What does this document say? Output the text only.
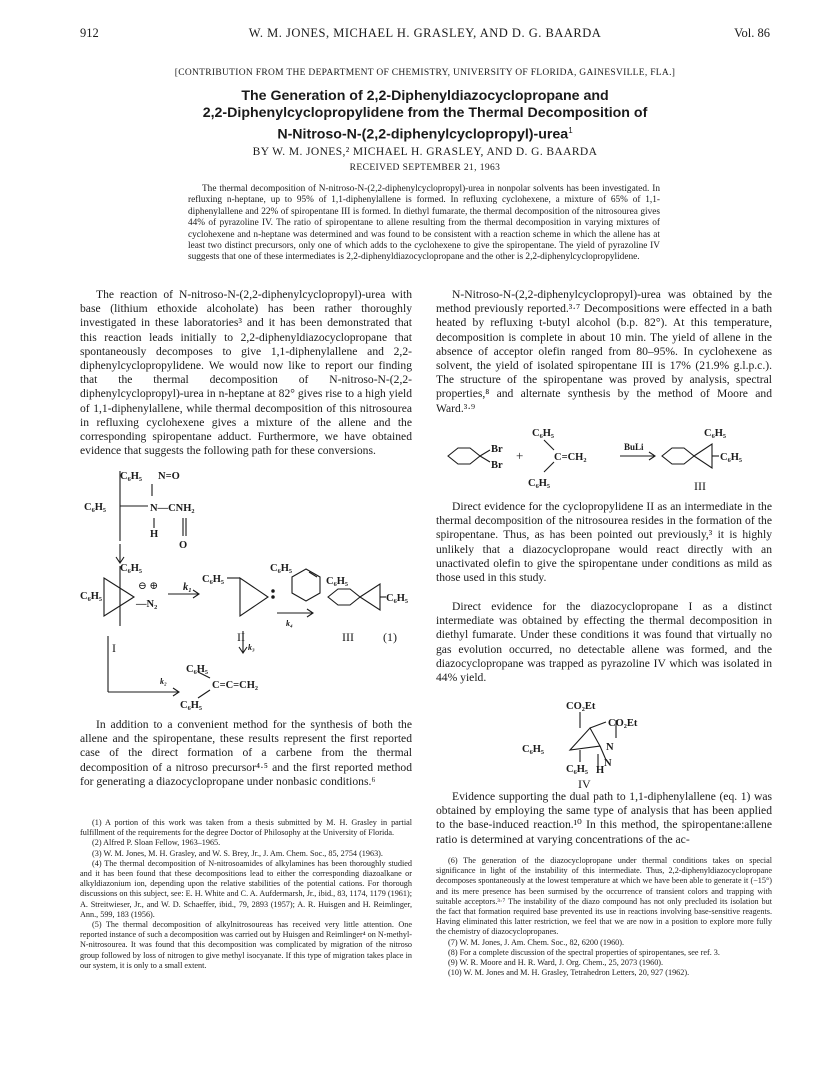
912	W. M. JONES, MICHAEL H. GRASLEY, AND D. G. BAARDA	Vol. 86
[CONTRIBUTION FROM THE DEPARTMENT OF CHEMISTRY, UNIVERSITY OF FLORIDA, GAINESVILLE, FLA.]
The Generation of 2,2-Diphenyldiazocyclopropane and
2,2-Diphenylcyclopropylidene from the Thermal Decomposition of
N-Nitroso-N-(2,2-diphenylcyclopropyl)-urea$^1$
BY W. M. JONES,² MICHAEL H. GRASLEY, AND D. G. BAARDA
RECEIVED SEPTEMBER 21, 1963

The thermal decomposition of N-nitroso-N-(2,2-diphenylcyclopropyl)-urea in nonpolar solvents has been investigated. In refluxing n-heptane, up to 95% of 1,1-diphenylallene is formed. In refluxing cyclohexene, a mixture of 65% of 1,1-diphenylallene and 22% of spiropentane III is formed. In diethyl fumarate, the thermal decomposition of the nitrosourea gives 44% of pyrazoline IV. The ratio of spiropentane to allene resulting from the thermal decomposition in varying mixtures of cyclohexene and n-heptane was determined and was found to be consistent with a reaction scheme in which the allene has at least two distinct precursors, only one of which adds to the cyclohexene to give the spiropentane. The yield of pyrazoline IV suggests that one of these intermediates is 2,2-diphenyldiazocyclopropane and the other is 2,2-diphenylcyclopropylidene.

The reaction of N-nitroso-N-(2,2-diphenylcyclopropyl)-urea with base (lithium ethoxide alcoholate) has been rather thoroughly investigated in these laboratories³ and it has been demonstrated that this reaction leads initially to 2,2-diphenyldiazocyclopropane that spontaneously decomposes to give 1,1-diphenylallene and 2,2-diphenylcyclopropylidene. We would now like to report our finding that the thermal decomposition of N-nitroso-N-(2,2-diphenylcyclopropyl)-urea in n-heptane at 82° gives rise to a high yield of 1,1-diphenylallene, while thermal decomposition of this nitrosourea in refluxing cyclohexene gives a mixture of the allene and the corresponding spiropentane adduct. Furthermore, we have obtained evidence that suggests the following path for these conversions.

C₆H₅ N=O
C₆H₅	N—CNH₂
H
O
C₆H₅
C₆H₅
⊖ ⊕
—N₂
k₁
C₆H₅
C₆H₅
k₄
C₆H₅
C₆H₅
I
II	III (1)
k₃
k₂
C₆H₅
C=C=CH₂
C₆H₅

In addition to a convenient method for the synthesis of both the allene and the spiropentane, these results represent the first reported case of the direct formation of a carbene from the thermal decomposition of a nitroso precursor⁴·⁵ and the first reported method for generating a diazocyclopropane under nonbasic conditions.⁶

(1) A portion of this work was taken from a thesis submitted by M. H. Grasley in partial fulfillment of the requirements for the degree Doctor of Philosophy at the University of Florida.

(2) Alfred P. Sloan Fellow, 1963–1965.

(3) W. M. Jones, M. H. Grasley, and W. S. Brey, Jr., J. Am. Chem. Soc., 85, 2754 (1963).

(4) The thermal decomposition of N-nitrosoamides of alkylamines has been thoroughly studied and it has been found that these decompositions lead to either the corresponding diazoalkane or alkyldiazonium ion, depending upon the relative stabilities of the potential cations. For thorough discussions on this subject, see: E. H. White and C. A. Aufdermarsh, Jr., ibid., 83, 1174, 1179 (1961); A. Streitwieser, Jr., and W. D. Schaeffer, ibid., 79, 2893 (1957); A. R. Huisgen and H. Reimlinger, Ann., 599, 183 (1956).

(5) The thermal decomposition of alkylnitrosoureas has received very little attention. One reported instance of such a decomposition was carried out by Huisgen and Reimlinger⁴ on N-methyl-N-nitrosourea. It was found that this decomposition was complicated by migration of the nitroso group followed by loss of nitrogen to give methyl isocyanate. If this type of migration takes place in our system, it is only to a small extent.

N-Nitroso-N-(2,2-diphenylcyclopropyl)-urea was obtained by the method previously reported.³·⁷ Decompositions were effected in a bath heated by refluxing t-butyl alcohol (b.p. 82°). At this temperature, decomposition is complete in about 10 min. The yield of allene in the absence of acceptor olefin ranged from 80–95%. In cyclohexene as solvent, the yield of isolated spiropentane III is 17% (21.9% g.l.p.c.). The structure of the spiropentane was proved by analysis, spectral properties,⁸ and alternate synthesis by the method of Moore and Ward.³·⁹

Br
Br
+
C₆H₅
C=CH₂
C₆H₅
BuLi
C₆H₅
C₆H₅
III

Direct evidence for the cyclopropylidene II as an intermediate in the thermal decomposition of the nitrosourea resides in the formation of the spiropentane. Thus, as has been pointed out previously,³ it is highly unlikely that a diazocyclopropane would react directly with an unactivated olefin to give the spiropentane under conditions as mild as those used in this study.

Direct evidence for the diazocyclopropane I as a distinct intermediate was obtained by effecting the thermal decomposition in diethyl fumarate. Under these conditions it was found that virtually no gas evolution occurred, no detectable allene was formed, and the diazocyclopropane was trapped as pyrazoline IV which was isolated in 44% yield.

CO₂Et
CO₂Et
C₆H₅	N
N
C₆H₅ H
IV

Evidence supporting the dual path to 1,1-diphenylallene (eq. 1) was obtained by employing the same type of analysis that has been applied to the base-induced reaction.¹⁰ In this method, the spiropentane:allene ratio is determined at varying concentrations of the ac-

(6) The generation of the diazocyclopropane under thermal conditions takes on special significance in light of the instability of this intermediate. Thus, 2,2-diphenyldiazocyclopropane decomposes spontaneously at the lowest temperature at which we have been able to generate it (−15°) and its mere presence has been surmised by the occurrence of transient colors and trapping with suitable acceptors.³·⁷ The instability of the diazo compound has not only precluded its isolation but the fact that formation required base prevented its use in reactions involving base-sensitive reagents. Having eliminated this latter restriction, we feel that we are now in a position to explore more fully the chemistry of diazocyclopropanes.

(7) W. M. Jones, J. Am. Chem. Soc., 82, 6200 (1960).

(8) For a complete discussion of the spectral properties of spiropentanes, see ref. 3.

(9) W. R. Moore and H. R. Ward, J. Org. Chem., 25, 2073 (1960).

(10) W. M. Jones and M. H. Grasley, Tetrahedron Letters, 20, 927 (1962).
